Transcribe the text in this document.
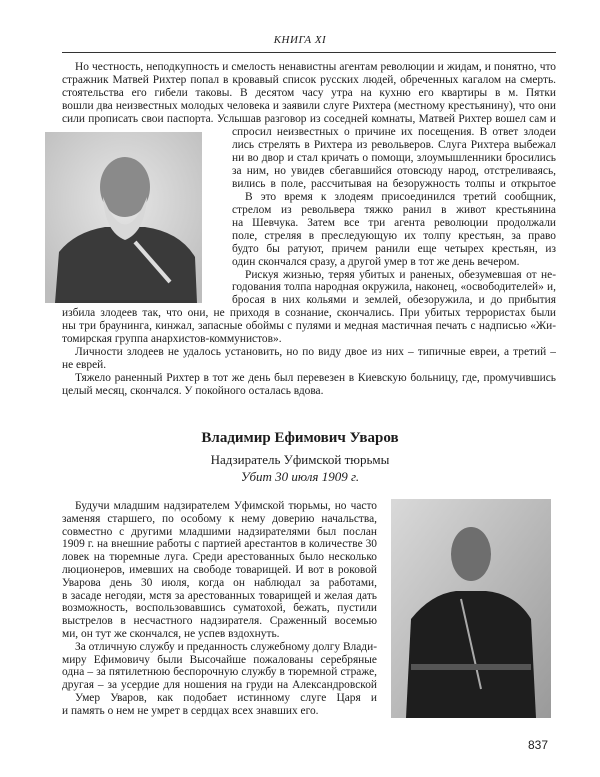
КНИГА XI
Но честность, неподкупность и смелость ненавистны агентам революции и жидам, и понятно, что
стражник Матвей Рихтер попал в кровавый список русских людей, обреченных кагалом на смерть.
стоятельства его гибели таковы. В десятом часу утра на кухню его квартиры в м. Пятки
вошли два неизвестных молодых человека и заявили слуге Рихтера (местному крестьянину), что они
сили прописать свои паспорта. Услышав разговор из соседней комнаты, Матвей Рихтер вошел сам и
спросил неизвестных о причине их посещения. В ответ злодеи
лись стрелять в Рихтера из револьверов. Слуга Рихтера выбежал
ни во двор и стал кричать о помощи, злоумышленники бросились
за ним, но увидев сбегавшийся отовсюду народ, отстреливаясь,
вились в поле, рассчитывая на безоружность толпы и открытое
В это время к злодеям присоединился третий сообщник,
стрелом из револьвера тяжко ранил в живот крестьянина
на Шевчука. Затем все три агента революции продолжали
поле, стреляя в преследующую их толпу крестьян, за право
будто бы ратуют, причем ранили еще четырех крестьян, из
один скончался сразу, а другой умер в тот же день вечером.
Рискуя жизнью, теряя убитых и раненых, обезумевшая от не-
годования толпа народная окружила, наконец, «освободителей» и,
бросая в них кольями и землей, обезоружила, и до прибытия
избила злодеев так, что они, не приходя в сознание, скончались. При убитых террористах были
ны три браунинга, кинжал, запасные обоймы с пулями и медная мастичная печать с надписью «Жи-
томирская группа анархистов-коммунистов».
Личности злодеев не удалось установить, но по виду двое из них – типичные евреи, а третий –
не еврей.
Тяжело раненный Рихтер в тот же день был перевезен в Киевскую больницу, где, промучившись
целый месяц, скончался. У покойного осталась вдова.
Владимир Ефимович Уваров
Надзиратель Уфимской тюрьмы
Убит 30 июля 1909 г.
Будучи младшим надзирателем Уфимской тюрьмы, но часто
заменяя старшего, по особому к нему доверию начальства,
совместно с другими младшими надзирателями был послан
1909 г. на внешние работы с партией арестантов в количестве 30
ловек на тюремные луга. Среди арестованных было несколько
люционеров, имевших на свободе товарищей. И вот в роковой
Уварова день 30 июля, когда он наблюдал за работами,
в засаде негодяи, мстя за арестованных товарищей и желая дать
возможность, воспользовавшись суматохой, бежать, пустили
выстрелов в несчастного надзирателя. Сраженный восемью
ми, он тут же скончался, не успев вздохнуть.
За отличную службу и преданность служебному долгу Влади-
миру Ефимовичу были Высочайше пожалованы серебряные
одна – за пятилетнюю беспорочную службу в тюремной страже,
другая – за усердие для ношения на груди на Александровской
Умер Уваров, как подобает истинному слуге Царя и
и память о нем не умрет в сердцах всех знавших его.
837
